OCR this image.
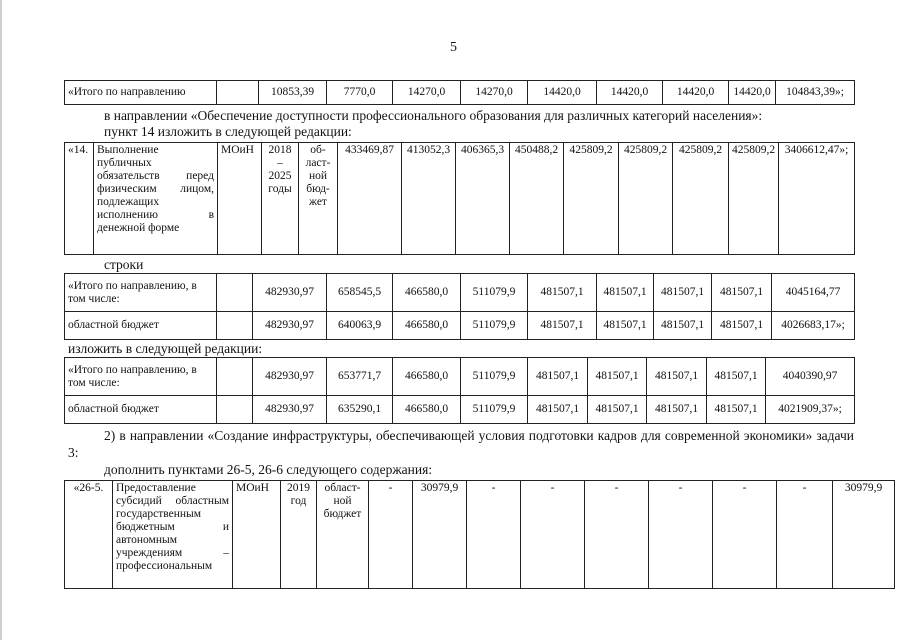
5
«Итого по направлению		10853,39	7770,0	14270,0	14270,0	14420,0	14420,0	14420,0	14420,0	104843,39»;
в направлении «Обеспечение доступности профессионального образования для различных категорий населения»:
пункт 14 изложить в следующей редакции:
«14.	Выполнение публичных обязательств перед физическим лицом, подлежащих исполнению в денежной форме	МОиН	2018 – 2025 годы	об-ласт-ной бюд-жет	433469,87	413052,3	406365,3	450488,2	425809,2	425809,2	425809,2	425809,2	3406612,47»;
строки
«Итого по направлению, в том числе:		482930,97	658545,5	466580,0	511079,9	481507,1	481507,1	481507,1	481507,1	4045164,77
областной бюджет		482930,97	640063,9	466580,0	511079,9	481507,1	481507,1	481507,1	481507,1	4026683,17»;
изложить в следующей редакции:
«Итого по направлению, в том числе:		482930,97	653771,7	466580,0	511079,9	481507,1	481507,1	481507,1	481507,1	4040390,97
областной бюджет		482930,97	635290,1	466580,0	511079,9	481507,1	481507,1	481507,1	481507,1	4021909,37»;
2) в направлении «Создание инфраструктуры, обеспечивающей условия подготовки кадров для современной экономики» задачи 3:
дополнить пунктами 26-5, 26-6 следующего содержания:
«26-5.	Предоставление субсидий областным государственным бюджетным и автономным учреждениям – профессиональным	МОиН	2019 год	област-ной бюджет	-	30979,9	-	-	-	-	-	-	30979,9
